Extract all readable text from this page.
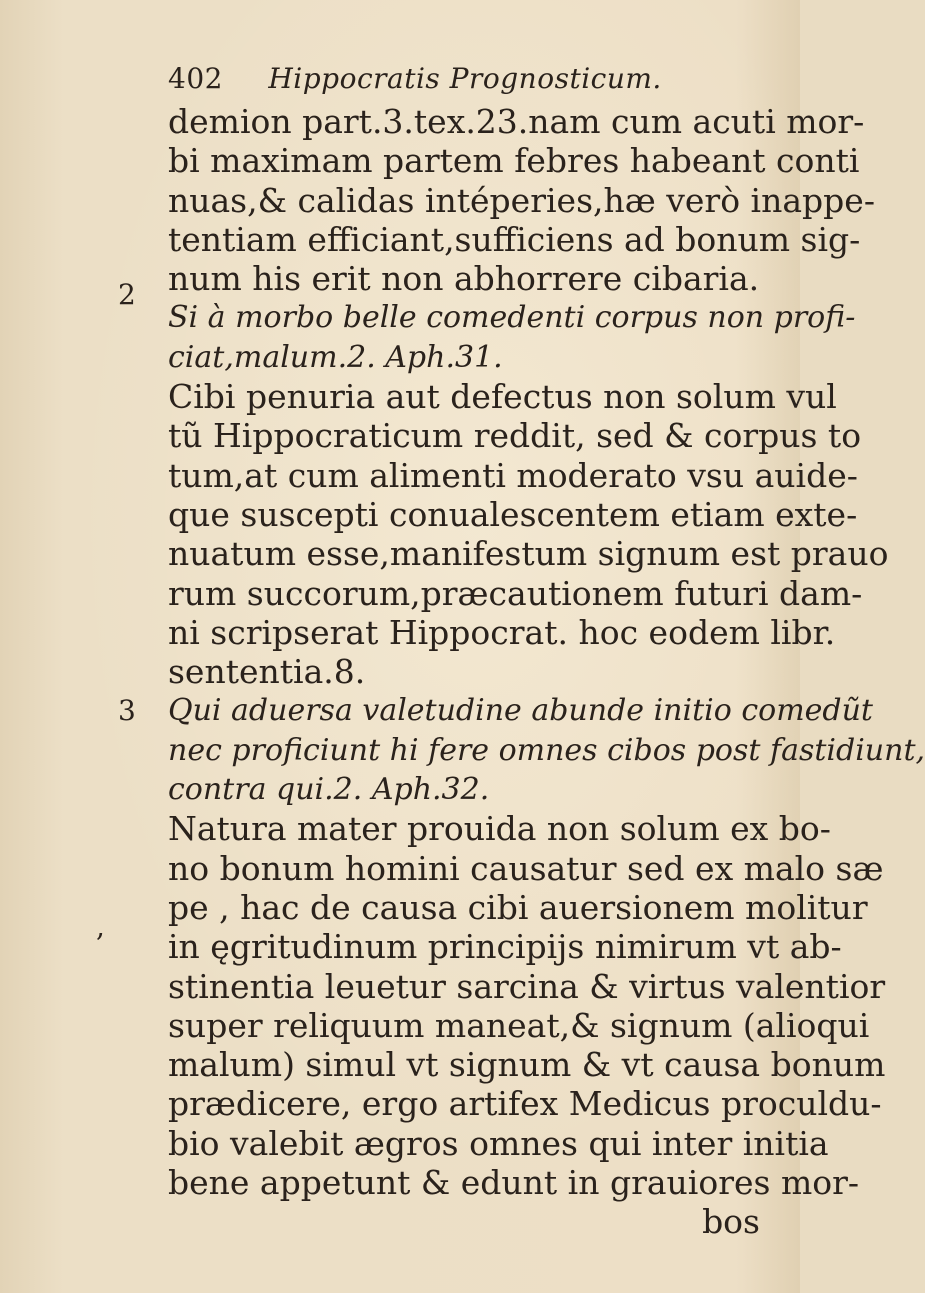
402 Hippocratis Prognosticum.
2
3
,
demion part.3.tex.23.nam cum acuti mor-
bi maximam partem febres habeant conti
nuas,& calidas intéperies,hæ verò inappe-
tentiam efficiant,sufficiens ad bonum sig-
num his erit non abhorrere cibaria.
Si à morbo belle comedenti corpus non profi-
ciat,malum.2. Aph.31.
Cibi penuria aut defectus non solum vul
tũ Hippocraticum reddit, sed & corpus to
tum,at cum alimenti moderato vsu auide-
que suscepti conualescentem etiam exte-
nuatum esse,manifestum signum est prauo
rum succorum,præcautionem futuri dam-
ni scripserat Hippocrat. hoc eodem libr.
sententia.8.
Qui aduersa valetudine abunde initio comedũt
nec proficiunt hi fere omnes cibos post fastidiunt,
contra qui.2. Aph.32.
Natura mater prouida non solum ex bo-
no bonum homini causatur sed ex malo sæ
pe , hac de causa cibi auersionem molitur
in ęgritudinum principijs nimirum vt ab-
stinentia leuetur sarcina & virtus valentior
super reliquum maneat,& signum (alioqui
malum) simul vt signum & vt causa bonum
prædicere, ergo artifex Medicus proculdu-
bio valebit ægros omnes qui inter initia
bene appetunt & edunt in grauiores mor-
bos
